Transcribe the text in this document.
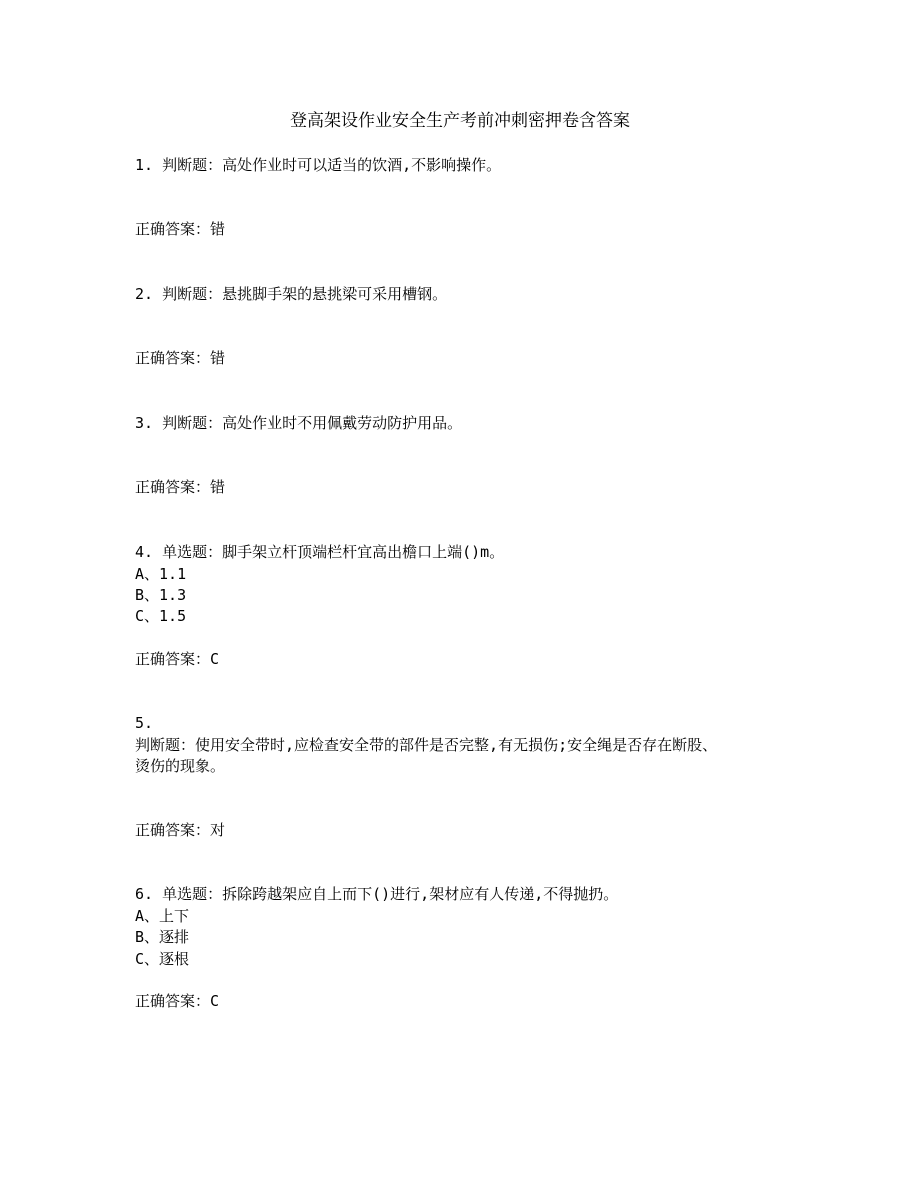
登高架设作业安全生产考前冲刺密押卷含答案
1. 判断题：高处作业时可以适当的饮酒,不影响操作。
正确答案：错
2. 判断题：悬挑脚手架的悬挑梁可采用槽钢。
正确答案：错
3. 判断题：高处作业时不用佩戴劳动防护用品。
正确答案：错
4. 单选题：脚手架立杆顶端栏杆宜高出檐口上端()m。
A、1.1
B、1.3
C、1.5
正确答案：C
5.
判断题：使用安全带时,应检查安全带的部件是否完整,有无损伤;安全绳是否存在断股、
烫伤的现象。
正确答案：对
6. 单选题：拆除跨越架应自上而下()进行,架材应有人传递,不得抛扔。
A、上下
B、逐排
C、逐根
正确答案：C
